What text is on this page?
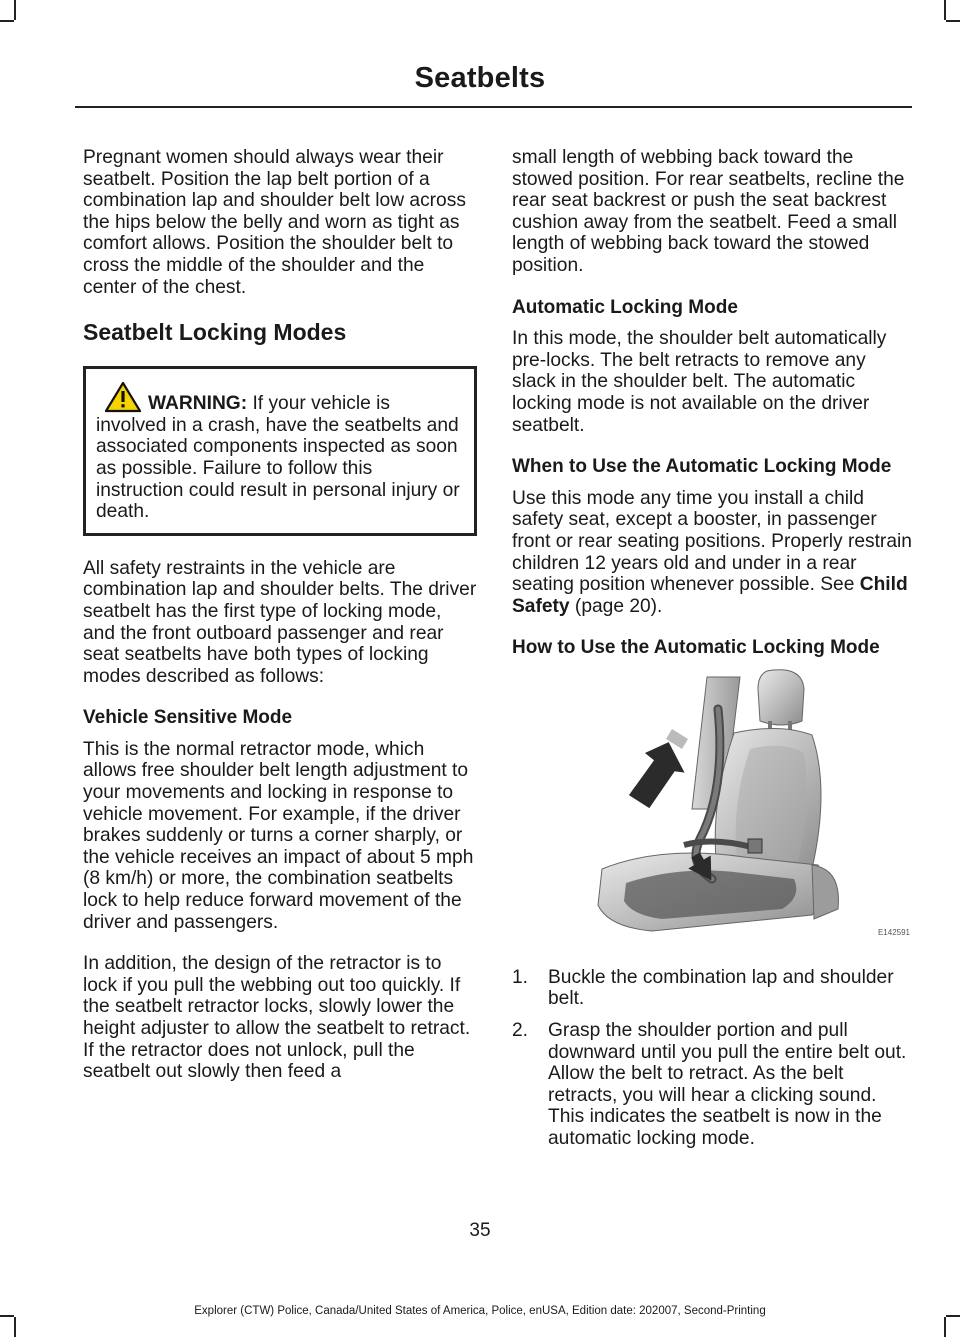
Seatbelts

Pregnant women should always wear their seatbelt. Position the lap belt portion of a combination lap and shoulder belt low across the hips below the belly and worn as tight as comfort allows. Position the shoulder belt to cross the middle of the shoulder and the center of the chest.

Seatbelt Locking Modes
WARNING: If your vehicle is involved in a crash, have the seatbelts and associated components inspected as soon as possible. Failure to follow this instruction could result in personal injury or death.

All safety restraints in the vehicle are combination lap and shoulder belts. The driver seatbelt has the first type of locking mode, and the front outboard passenger and rear seat seatbelts have both types of locking modes described as follows:

Vehicle Sensitive Mode

This is the normal retractor mode, which allows free shoulder belt length adjustment to your movements and locking in response to vehicle movement. For example, if the driver brakes suddenly or turns a corner sharply, or the vehicle receives an impact of about 5 mph (8 km/h) or more, the combination seatbelts lock to help reduce forward movement of the driver and passengers.

In addition, the design of the retractor is to lock if you pull the webbing out too quickly. If the seatbelt retractor locks, slowly lower the height adjuster to allow the seatbelt to retract. If the retractor does not unlock, pull the seatbelt out slowly then feed a

small length of webbing back toward the stowed position. For rear seatbelts, recline the rear seat backrest or push the seat backrest cushion away from the seatbelt. Feed a small length of webbing back toward the stowed position.

Automatic Locking Mode

In this mode, the shoulder belt automatically pre-locks. The belt retracts to remove any slack in the shoulder belt. The automatic locking mode is not available on the driver seatbelt.

When to Use the Automatic Locking Mode

Use this mode any time you install a child safety seat, except a booster, in passenger front or rear seating positions. Properly restrain children 12 years old and under in a rear seating position whenever possible. See Child Safety (page 20).

How to Use the Automatic Locking Mode
E142591
1. Buckle the combination lap and shoulder belt.
2. Grasp the shoulder portion and pull downward until you pull the entire belt out. Allow the belt to retract. As the belt retracts, you will hear a clicking sound. This indicates the seatbelt is now in the automatic locking mode.
35
Explorer (CTW) Police, Canada/United States of America, Police, enUSA, Edition date: 202007, Second-Printing
